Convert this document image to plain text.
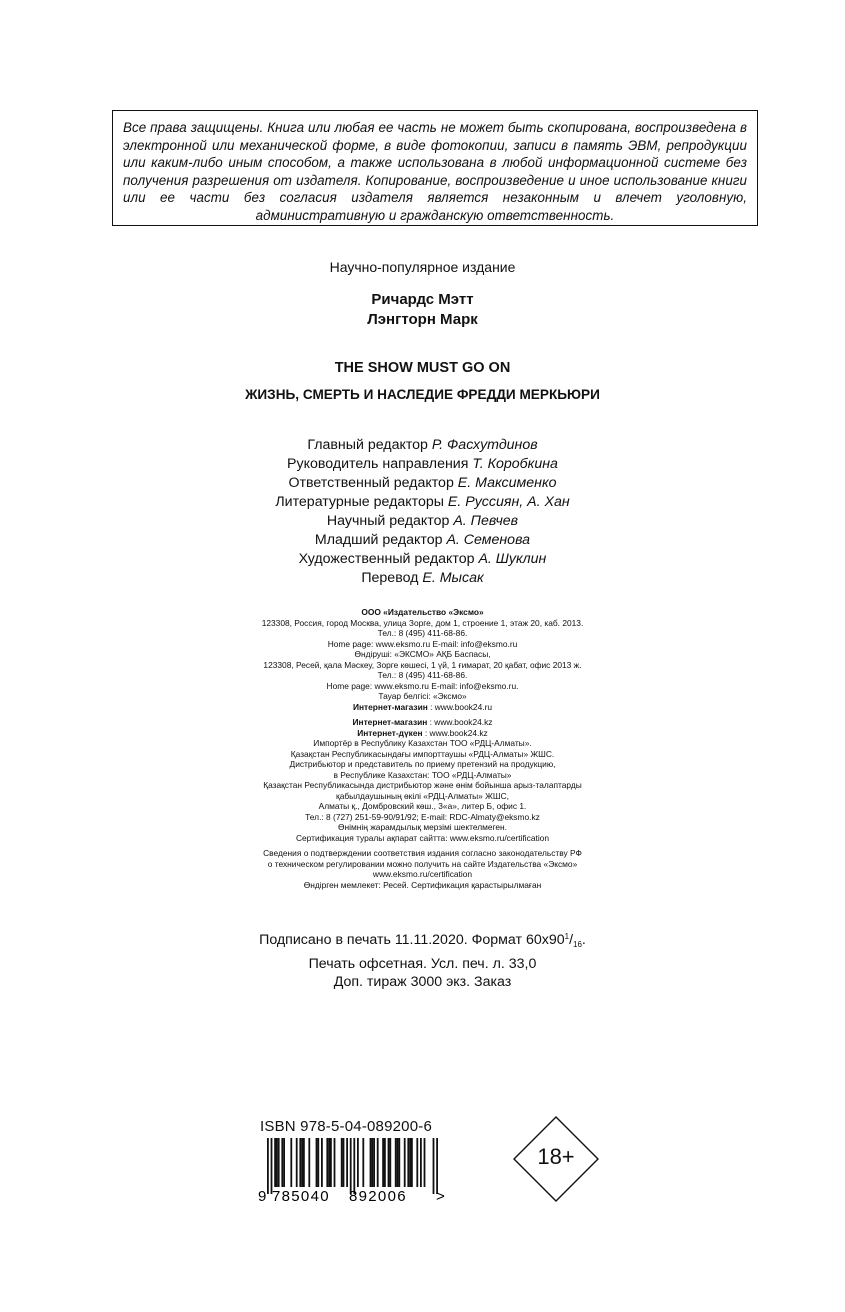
Все права защищены. Книга или любая ее часть не может быть скопирована, воспроизведена в электронной или механической форме, в виде фотокопии, записи в память ЭВМ, репродукции или каким-либо иным способом, а также использована в любой информационной системе без получения разрешения от издателя. Копирование, воспроизведение и иное использование книги или ее части без согласия издателя является незаконным и влечет уголовную, административную и гражданскую ответственность.

Научно-популярное издание
Ричардс Мэтт
Лэнгторн Марк
THE SHOW MUST GO ON
ЖИЗНЬ, СМЕРТЬ И НАСЛЕДИЕ ФРЕДДИ МЕРКЬЮРИ
Главный редактор Р. Фасхутдинов
Руководитель направления Т. Коробкина
Ответственный редактор Е. Максименко
Литературные редакторы Е. Руссиян, А. Хан
Научный редактор А. Певчев
Младший редактор А. Семенова
Художественный редактор А. Шуклин
Перевод Е. Мысак
ООО «Издательство «Эксмо»
123308, Россия, город Москва, улица Зорге, дом 1, строение 1, этаж 20, каб. 2013.
Тел.: 8 (495) 411-68-86.
Home page: www.eksmo.ru E-mail: info@eksmo.ru
Өндіруші: «ЭКСМО» АҚБ Баспасы,
123308, Ресей, қала Мәскеу, Зорге көшесі, 1 үй, 1 ғимарат, 20 қабат, офис 2013 ж.
Тел.: 8 (495) 411-68-86.
Home page: www.eksmo.ru E-mail: info@eksmo.ru.
Тауар белгісі: «Эксмо»
Интернет-магазин : www.book24.ru
Интернет-магазин : www.book24.kz
Интернет-дүкен : www.book24.kz
Импортёр в Республику Казахстан ТОО «РДЦ-Алматы».
Қазақстан Республикасындағы импорттаушы «РДЦ-Алматы» ЖШС.
Дистрибьютор и представитель по приему претензий на продукцию,
в Республике Казахстан: ТОО «РДЦ-Алматы»
Қазақстан Республикасында дистрибьютор және өнім бойынша арыз-талаптарды
қабылдаушының өкілі «РДЦ-Алматы» ЖШС,
Алматы қ., Домбровский көш., 3«а», литер Б, офис 1.
Тел.: 8 (727) 251-59-90/91/92; E-mail: RDC-Almaty@eksmo.kz
Өнімнің жарамдылық мерзімі шектелмеген.
Сертификация туралы ақпарат сайтта: www.eksmo.ru/certification
Сведения о подтверждении соответствия издания согласно законодательству РФ
о техническом регулировании можно получить на сайте Издательства «Эксмо»
www.eksmo.ru/certification
Өндірген мемлекет: Ресей. Сертификация қарастырылмаған
Подписано в печать 11.11.2020. Формат $60х90^1/_{16}$.
Печать офсетная. Усл. печ. л. 33,0
Доп. тираж 3000 экз. Заказ
ISBN 978-5-04-089200-6
9 785040 892006 >
18+
